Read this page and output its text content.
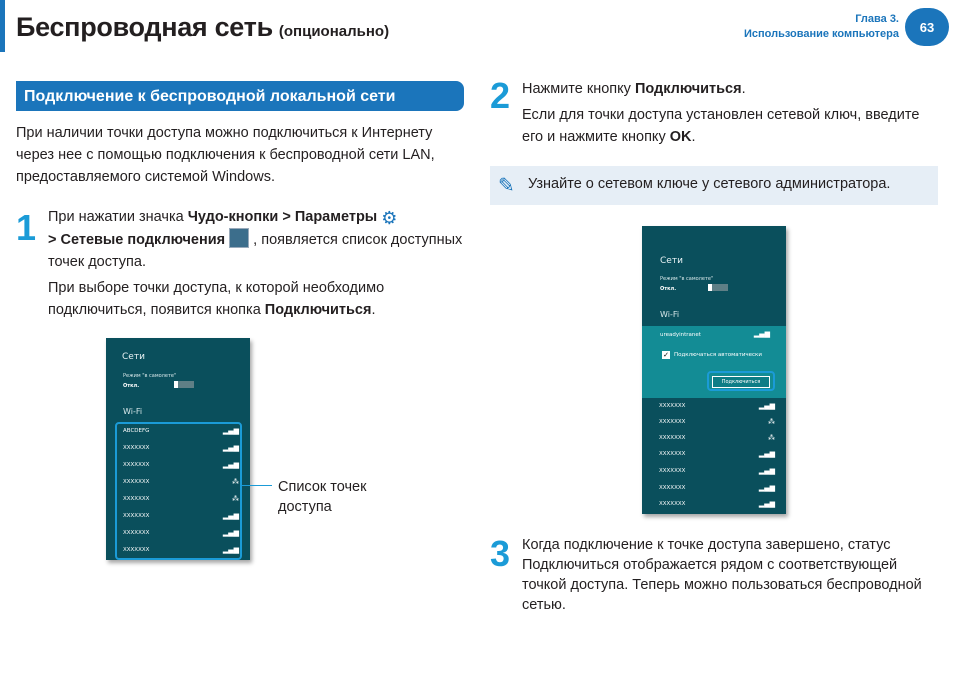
Беспроводная сеть (опционально)
Глава 3.
Использование компьютера	63
Подключение к беспроводной локальной сети
При наличии точки доступа можно подключиться к Интернету через нее с помощью подключения к беспроводной сети LAN, предоставляемого системой Windows.
1 При нажатии значка Чудо-кнопки > Параметры ⚙
> Сетевые подключения  , появляется список доступных точек доступа.
При выборе точки доступа, к которой необходимо подключиться, появится кнопка Подключиться.
Сети
Режим "в самолете"
Откл.
Wi-Fi
ABCDEFG	▂▄▆
XXXXXXX	▂▄▆
XXXXXXX	▂▄▆
XXXXXXX	⁂
XXXXXXX	⁂
XXXXXXX	▂▄▆
XXXXXXX	▂▄▆
XXXXXXX	▂▄▆
Список точек доступа
2 Нажмите кнопку Подключиться.
Если для точки доступа установлен сетевой ключ, введите его и нажмите кнопку OK.
✎ Узнайте о сетевом ключе у сетевого администратора.
Сети
Режим "в самолете"
Откл.
Wi-Fi
ureadyintranet	▂▄▆
✓ Подключаться автоматически
Подключиться
XXXXXXX	▂▄▆
XXXXXXX	⁂
XXXXXXX	⁂
XXXXXXX	▂▄▆
XXXXXXX	▂▄▆
XXXXXXX	▂▄▆
XXXXXXX	▂▄▆
3 Когда подключение к точке доступа завершено, статус Подключиться отображается рядом с соответствующей точкой доступа. Теперь можно пользоваться беспроводной сетью.
